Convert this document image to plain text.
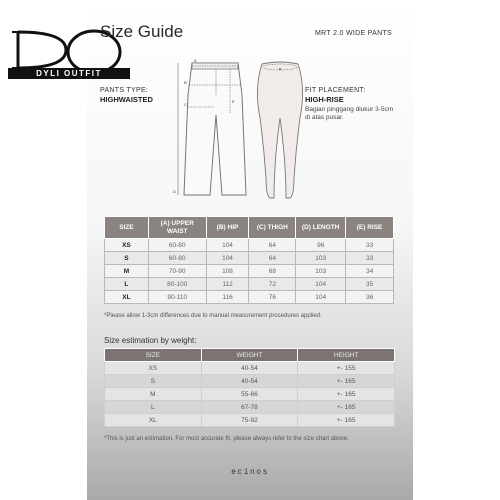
DYLI OUTFIT
Size Guide	MRT 2.0 WIDE PANTS
PANTS TYPE:
HIGHWAISTED
FIT PLACEMENT:
HIGH-RISE
Bagian pinggang diukur 3-5cm di atas pusar.
A
B
C
D
E
SIZE	(A) UPPER WAIST	(B) HIP	(C) THIGH	(D) LENGTH	(E) RISE
XS	60-80	104	64	96	33
S	60-80	104	64	103	33
M	70-90	108	68	103	34
L	80-100	112	72	104	35
XL	90-110	116	76	104	36
*Please allow 1-3cm differences due to manual measurement procedures applied.
Size estimation by weight:
SIZE	WEIGHT	HEIGHT
XS	40-54	+- 155
S	40-54	+- 165
M	55-66	+- 165
L	67-78	+- 165
XL	75-92	+- 165
*This is just an estimation. For most accurate fit, please always refer to the size chart above.
ecinos
